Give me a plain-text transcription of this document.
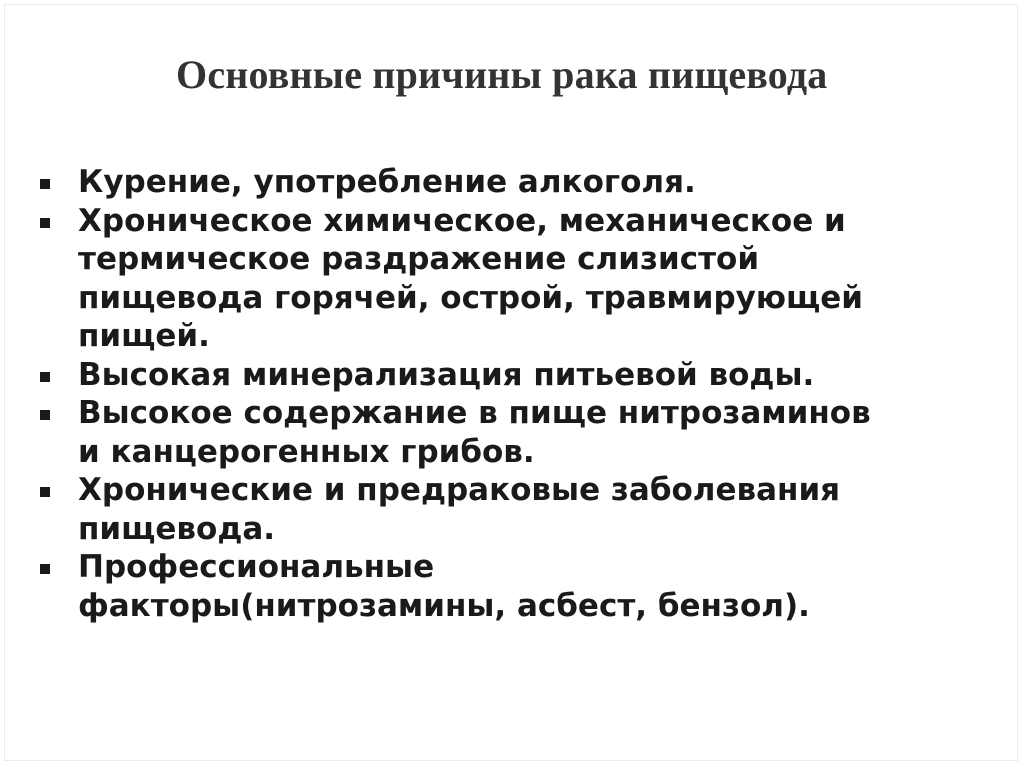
Основные причины рака пищевода
Курение, употребление алкоголя.
Хроническое химическое, механическое и
термическое раздражение слизистой
пищевода горячей, острой, травмирующей
пищей.
Высокая минерализация питьевой воды.
Высокое содержание в пище нитрозаминов
и канцерогенных грибов.
Хронические и предраковые заболевания
пищевода.
Профессиональные
факторы(нитрозамины, асбест, бензол).
